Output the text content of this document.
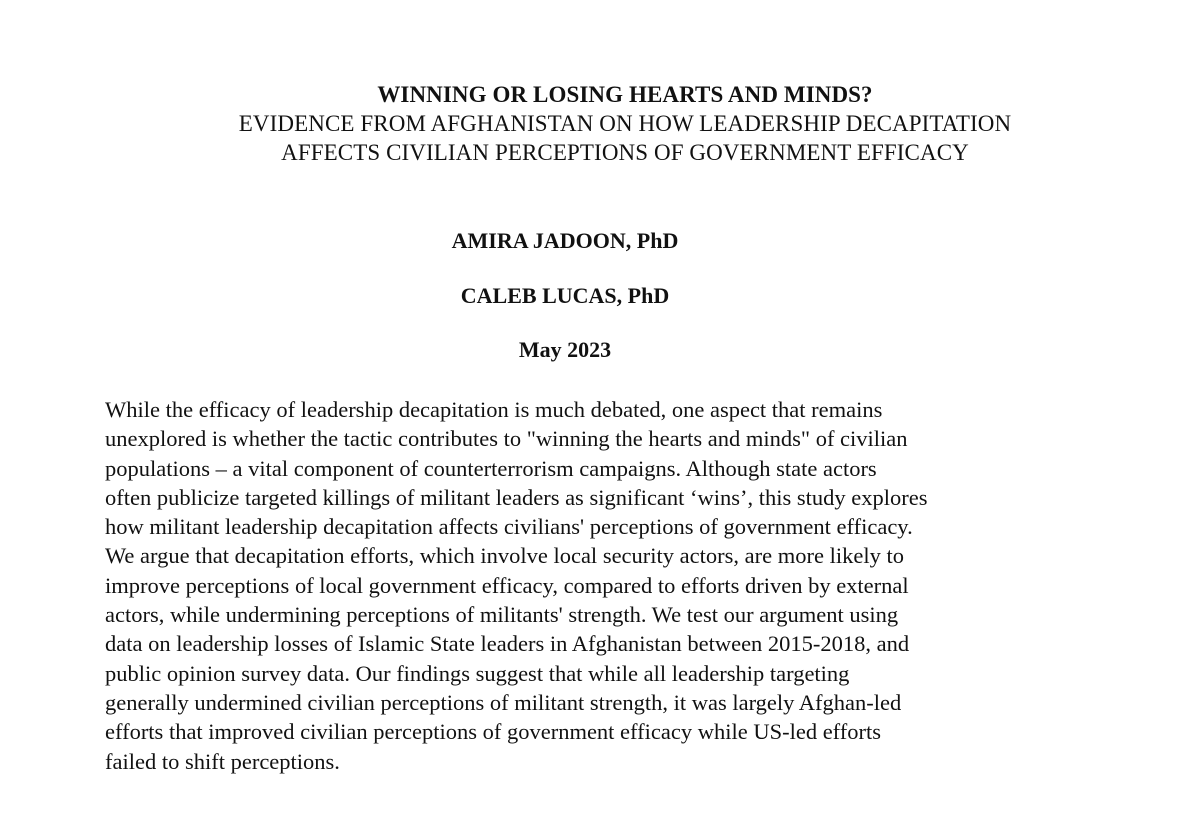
WINNING OR LOSING HEARTS AND MINDS?
EVIDENCE FROM AFGHANISTAN ON HOW LEADERSHIP DECAPITATION
AFFECTS CIVILIAN PERCEPTIONS OF GOVERNMENT EFFICACY
AMIRA JADOON, PhD
CALEB LUCAS, PhD
May 2023
While the efficacy of leadership decapitation is much debated, one aspect that remains
unexplored is whether the tactic contributes to "winning the hearts and minds" of civilian
populations – a vital component of counterterrorism campaigns. Although state actors
often publicize targeted killings of militant leaders as significant ‘wins’, this study explores
how militant leadership decapitation affects civilians' perceptions of government efficacy.
We argue that decapitation efforts, which involve local security actors, are more likely to
improve perceptions of local government efficacy, compared to efforts driven by external
actors, while undermining perceptions of militants' strength. We test our argument using
data on leadership losses of Islamic State leaders in Afghanistan between 2015-2018, and
public opinion survey data. Our findings suggest that while all leadership targeting
generally undermined civilian perceptions of militant strength, it was largely Afghan-led
efforts that improved civilian perceptions of government efficacy while US-led efforts
failed to shift perceptions.
